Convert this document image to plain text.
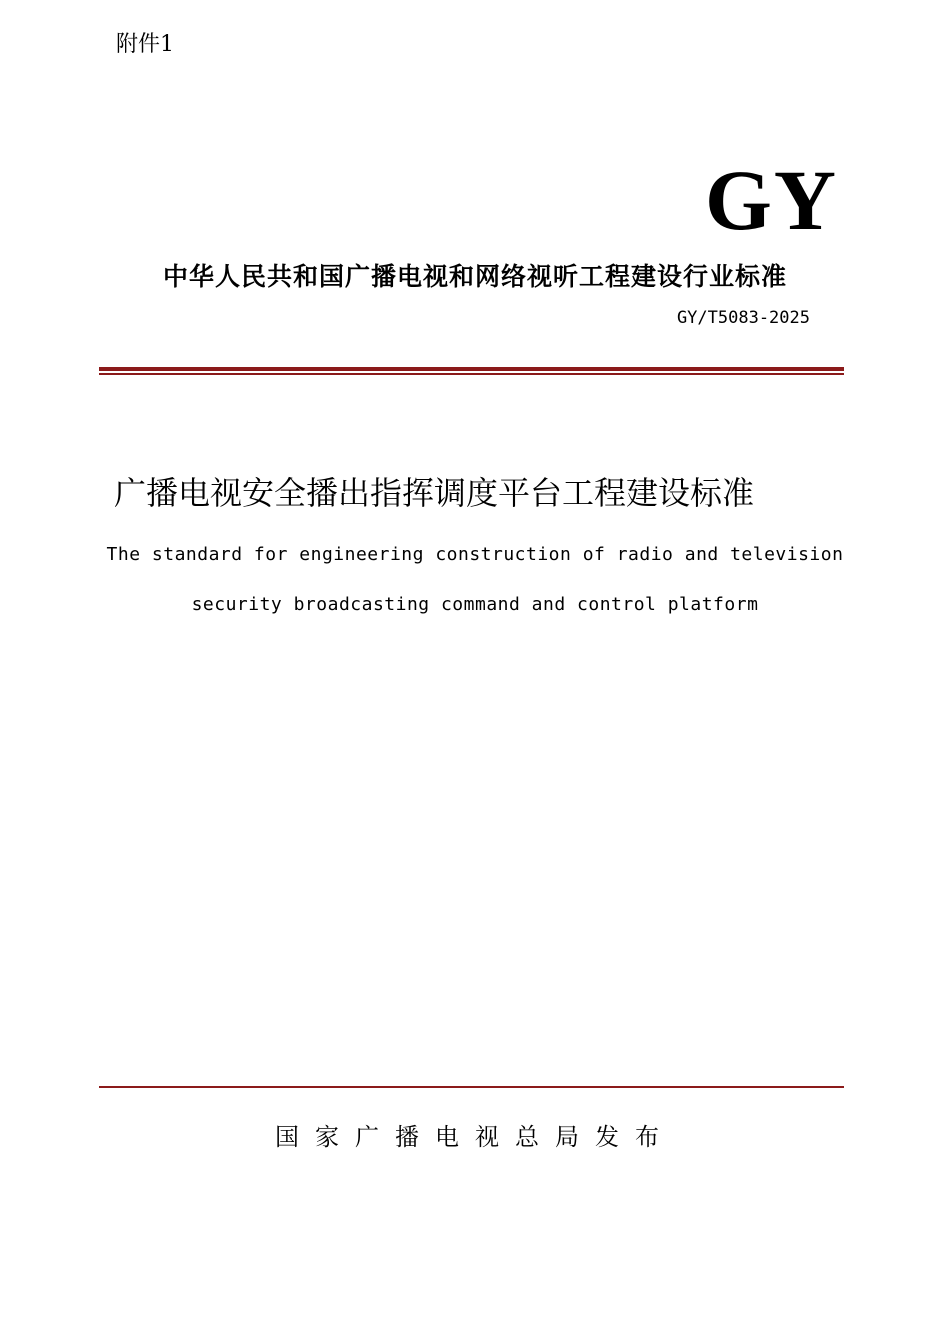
附件1
GY
中华人民共和国广播电视和网络视听工程建设行业标准
GY/T5083-2025
广播电视安全播出指挥调度平台工程建设标准
The standard for engineering construction of radio and television
security broadcasting command and control platform
国家广播电视总局发布
